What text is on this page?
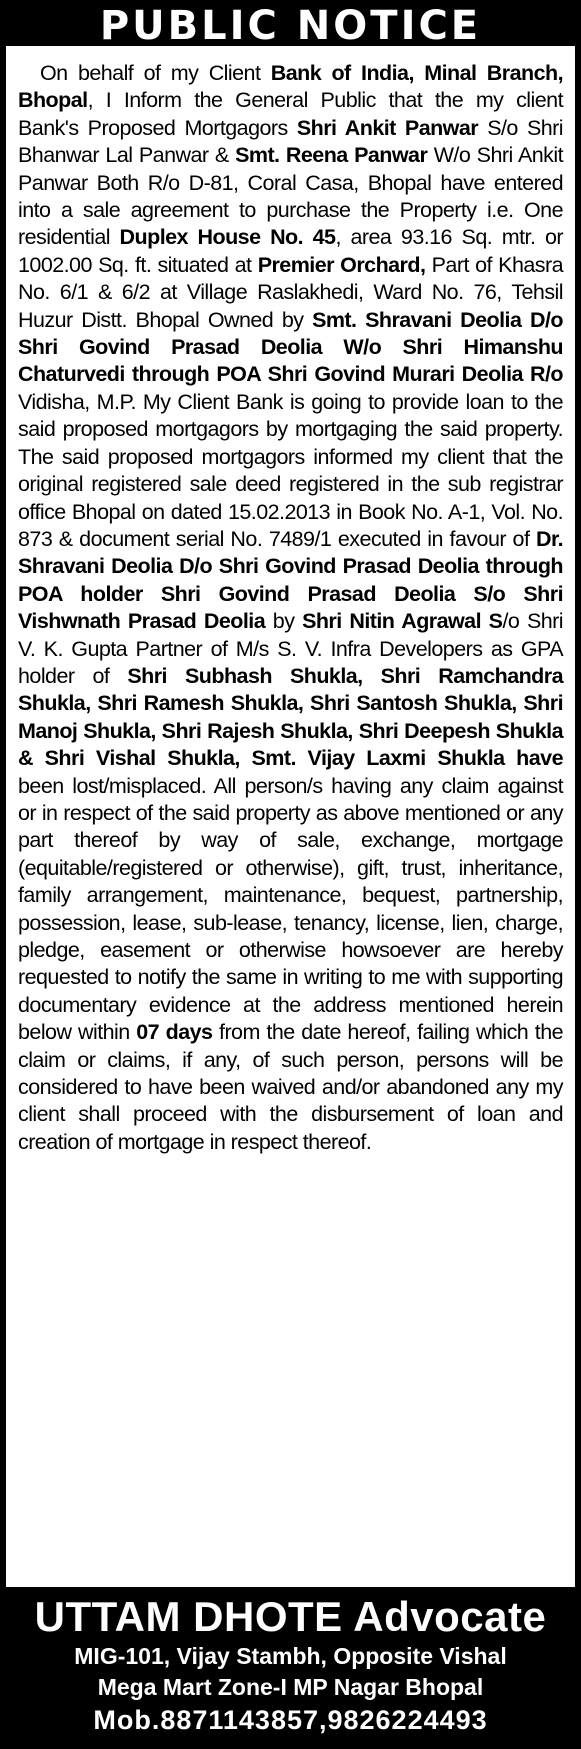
PUBLIC NOTICE

On behalf of my Client Bank of India, Minal Branch, Bhopal, I Inform the General Public that the my client Bank's Proposed Mortgagors Shri Ankit Panwar S/o Shri Bhanwar Lal Panwar & Smt. Reena Panwar W/o Shri Ankit Panwar Both R/o D-81, Coral Casa, Bhopal have entered into a sale agreement to purchase the Property i.e. One residential Duplex House No. 45, area 93.16 Sq. mtr. or 1002.00 Sq. ft. situated at Premier Orchard, Part of Khasra No. 6/1 & 6/2 at Village Raslakhedi, Ward No. 76, Tehsil Huzur Distt. Bhopal Owned by Smt. Shravani Deolia D/o Shri Govind Prasad Deolia W/o Shri Himanshu Chaturvedi through POA Shri Govind Murari Deolia R/o Vidisha, M.P. My Client Bank is going to provide loan to the said proposed mortgagors by mortgaging the said property. The said proposed mortgagors informed my client that the original registered sale deed registered in the sub registrar office Bhopal on dated 15.02.2013 in Book No. A-1, Vol. No. 873 & document serial No. 7489/1 executed in favour of Dr. Shravani Deolia D/o Shri Govind Prasad Deolia through POA holder Shri Govind Prasad Deolia S/o Shri Vishwnath Prasad Deolia by Shri Nitin Agrawal S/o Shri V. K. Gupta Partner of M/s S. V. Infra Developers as GPA holder of Shri Subhash Shukla, Shri Ramchandra Shukla, Shri Ramesh Shukla, Shri Santosh Shukla, Shri Manoj Shukla, Shri Rajesh Shukla, Shri Deepesh Shukla & Shri Vishal Shukla, Smt. Vijay Laxmi Shukla have been lost/misplaced. All person/s having any claim against or in respect of the said property as above mentioned or any part thereof by way of sale, exchange, mortgage (equitable/registered or otherwise), gift, trust, inheritance, family arrangement, maintenance, bequest, partnership, possession, lease, sub-lease, tenancy, license, lien, charge, pledge, easement or otherwise howsoever are hereby requested to notify the same in writing to me with supporting documentary evidence at the address mentioned herein below within 07 days from the date hereof, failing which the claim or claims, if any, of such person, persons will be considered to have been waived and/or abandoned any my client shall proceed with the disbursement of loan and creation of mortgage in respect thereof.

UTTAM DHOTE Advocate
MIG-101, Vijay Stambh, Opposite Vishal
Mega Mart Zone-I MP Nagar Bhopal
Mob.8871143857,9826224493
